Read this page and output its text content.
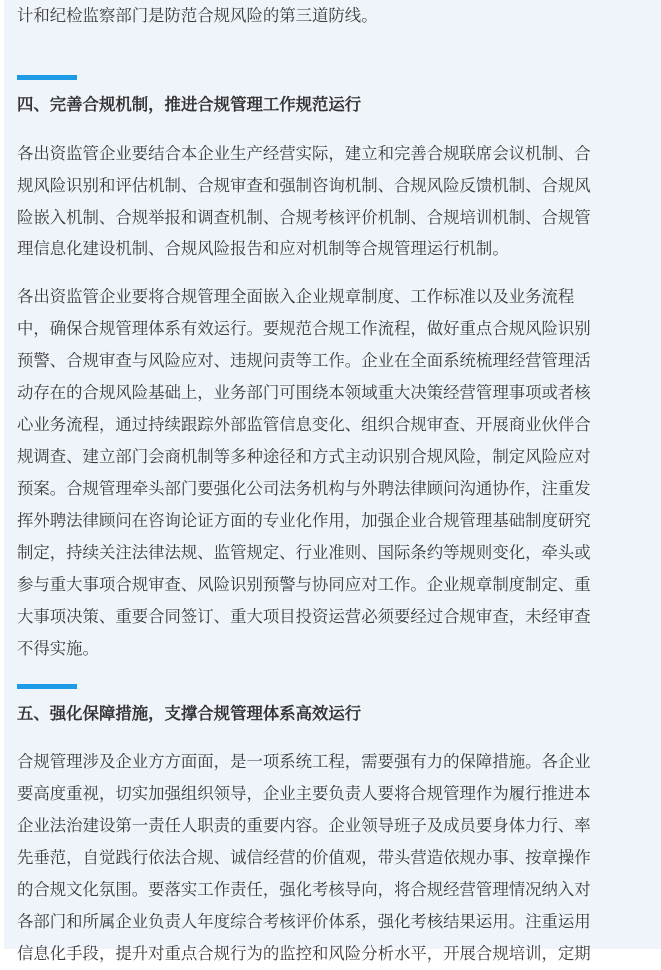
计和纪检监察部门是防范合规风险的第三道防线。
四、完善合规机制，推进合规管理工作规范运行
各出资监管企业要结合本企业生产经营实际，建立和完善合规联席会议机制、合
规风险识别和评估机制、合规审查和强制咨询机制、合规风险反馈机制、合规风
险嵌入机制、合规举报和调查机制、合规考核评价机制、合规培训机制、合规管
理信息化建设机制、合规风险报告和应对机制等合规管理运行机制。
各出资监管企业要将合规管理全面嵌入企业规章制度、工作标准以及业务流程
中，确保合规管理体系有效运行。要规范合规工作流程，做好重点合规风险识别
预警、合规审查与风险应对、违规问责等工作。企业在全面系统梳理经营管理活
动存在的合规风险基础上，业务部门可围绕本领域重大决策经营管理事项或者核
心业务流程，通过持续跟踪外部监管信息变化、组织合规审查、开展商业伙伴合
规调查、建立部门会商机制等多种途径和方式主动识别合规风险，制定风险应对
预案。合规管理牵头部门要强化公司法务机构与外聘法律顾问沟通协作，注重发
挥外聘法律顾问在咨询论证方面的专业化作用，加强企业合规管理基础制度研究
制定，持续关注法律法规、监管规定、行业准则、国际条约等规则变化，牵头或
参与重大事项合规审查、风险识别预警与协同应对工作。企业规章制度制定、重
大事项决策、重要合同签订、重大项目投资运营必须要经过合规审查，未经审查
不得实施。
五、强化保障措施，支撑合规管理体系高效运行
合规管理涉及企业方方面面，是一项系统工程，需要强有力的保障措施。各企业
要高度重视，切实加强组织领导，企业主要负责人要将合规管理作为履行推进本
企业法治建设第一责任人职责的重要内容。企业领导班子及成员要身体力行、率
先垂范，自觉践行依法合规、诚信经营的价值观，带头营造依规办事、按章操作
的合规文化氛围。要落实工作责任，强化考核导向，将合规经营管理情况纳入对
各部门和所属企业负责人年度综合考核评价体系，强化考核结果运用。注重运用
信息化手段，提升对重点合规行为的监控和风险分析水平，开展合规培训，定期
